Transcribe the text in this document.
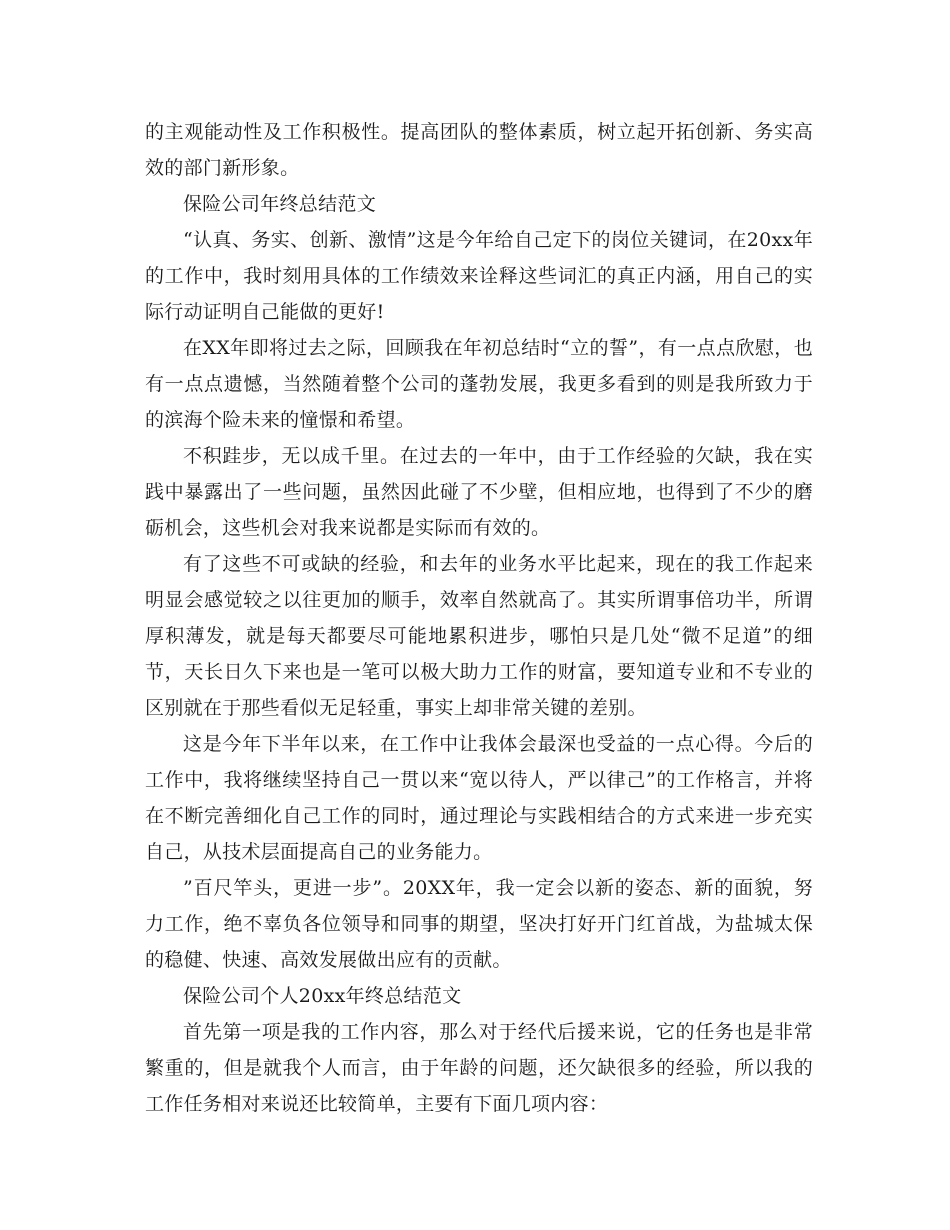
的主观能动性及工作积极性。提高团队的整体素质，树立起开拓创新、务实高效的部门新形象。

保险公司年终总结范文

“认真、务实、创新、激情”这是今年给自己定下的岗位关键词，在20xx年的工作中，我时刻用具体的工作绩效来诠释这些词汇的真正内涵，用自己的实际行动证明自己能做的更好!

在XX年即将过去之际，回顾我在年初总结时“立的誓”，有一点点欣慰，也有一点点遗憾，当然随着整个公司的蓬勃发展，我更多看到的则是我所致力于的滨海个险未来的憧憬和希望。

不积跬步，无以成千里。在过去的一年中，由于工作经验的欠缺，我在实践中暴露出了一些问题，虽然因此碰了不少壁，但相应地，也得到了不少的磨砺机会，这些机会对我来说都是实际而有效的。

有了这些不可或缺的经验，和去年的业务水平比起来，现在的我工作起来明显会感觉较之以往更加的顺手，效率自然就高了。其实所谓事倍功半，所谓厚积薄发，就是每天都要尽可能地累积进步，哪怕只是几处“微不足道”的细节，天长日久下来也是一笔可以极大助力工作的财富，要知道专业和不专业的区别就在于那些看似无足轻重，事实上却非常关键的差别。

这是今年下半年以来，在工作中让我体会最深也受益的一点心得。今后的工作中，我将继续坚持自己一贯以来“宽以待人，严以律己”的工作格言，并将在不断完善细化自己工作的同时，通过理论与实践相结合的方式来进一步充实自己，从技术层面提高自己的业务能力。

”百尺竿头，更进一步”。20XX年，我一定会以新的姿态、新的面貌，努力工作，绝不辜负各位领导和同事的期望，坚决打好开门红首战，为盐城太保的稳健、快速、高效发展做出应有的贡献。

保险公司个人20xx年终总结范文

首先第一项是我的工作内容，那么对于经代后援来说，它的任务也是非常繁重的，但是就我个人而言，由于年龄的问题，还欠缺很多的经验，所以我的工作任务相对来说还比较简单，主要有下面几项内容：
